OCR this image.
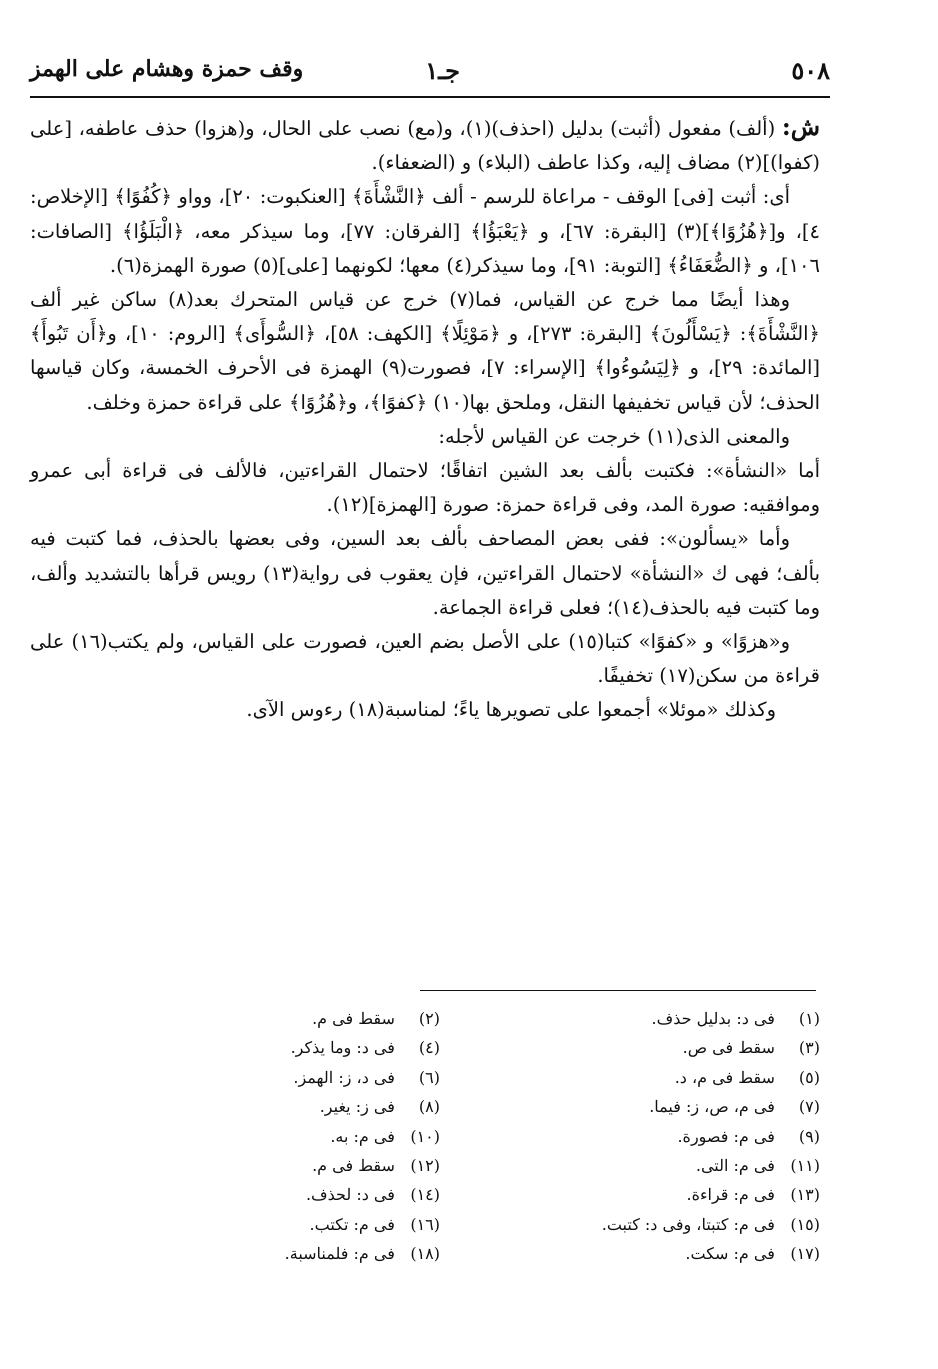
٥٠٨
جـ١
وقف حمزة وهشام على الهمز

ش: (ألف) مفعول (أثبت) بدليل (احذف)(١)، و(مع) نصب على الحال، و(هزوا) حذف عاطفه، [على (كفوا)](٢) مضاف إليه، وكذا عاطف (البلاء) و (الضعفاء).

أى: أثبت [فى] الوقف - مراعاة للرسم - ألف ﴿النَّشْأَةَ﴾ [العنكبوت: ٢٠]، وواو ﴿كُفُوًا﴾ [الإخلاص: ٤]، و[﴿هُزُوًا﴾](٣) [البقرة: ٦٧]، و ﴿يَعْبَؤُا﴾ [الفرقان: ٧٧]، وما سيذكر معه، ﴿الْبَلَؤُا﴾ [الصافات: ١٠٦]، و ﴿الضُّعَفَاءُ﴾ [التوبة: ٩١]، وما سيذكر(٤) معها؛ لكونهما [على](٥) صورة الهمزة(٦).

وهذا أيضًا مما خرج عن القياس، فما(٧) خرج عن قياس المتحرك بعد(٨) ساكن غير ألف ﴿النَّشْأَةَ﴾: ﴿يَسْأَلُونَ﴾ [البقرة: ٢٧٣]، و ﴿مَوْئِلًا﴾ [الكهف: ٥٨]، ﴿السُّوأَى﴾ [الروم: ١٠]، و﴿أَن تَبُوأَ﴾ [المائدة: ٢٩]، و ﴿لِيَسُوءُوا﴾ [الإسراء: ٧]، فصورت(٩) الهمزة فى الأحرف الخمسة، وكان قياسها الحذف؛ لأن قياس تخفيفها النقل، وملحق بها(١٠) ﴿كفوًا﴾، و﴿هُزُوًا﴾ على قراءة حمزة وخلف.

والمعنى الذى(١١) خرجت عن القياس لأجله:

أما «النشأة»: فكتبت بألف بعد الشين اتفاقًا؛ لاحتمال القراءتين، فالألف فى قراءة أبى عمرو وموافقيه: صورة المد، وفى قراءة حمزة: صورة [الهمزة](١٢).

وأما «يسألون»: ففى بعض المصاحف بألف بعد السين، وفى بعضها بالحذف، فما كتبت فيه بألف؛ فهى ك «النشأة» لاحتمال القراءتين، فإن يعقوب فى رواية(١٣) رويس قرأها بالتشديد وألف، وما كتبت فيه بالحذف(١٤)؛ فعلى قراءة الجماعة.

و«هزوًا» و «كفوًا» كتبا(١٥) على الأصل بضم العين، فصورت على القياس، ولم يكتب(١٦) على قراءة من سكن(١٧) تخفيفًا.

وكذلك «موئلا» أجمعوا على تصويرها ياءً؛ لمناسبة(١٨) رءوس الآى.

(١) فى د: بدليل حذف.
(٣) سقط فى ص.
(٥) سقط فى م، د.
(٧) فى م، ص، ز: فيما.
(٩) فى م: فصورة.
(١١) فى م: التى.
(١٣) فى م: قراءة.
(١٥) فى م: كتبتا، وفى د: كتبت.
(١٧) فى م: سكت.
(٢) سقط فى م.
(٤) فى د: وما يذكر.
(٦) فى د، ز: الهمز.
(٨) فى ز: يغير.
(١٠) فى م: به.
(١٢) سقط فى م.
(١٤) فى د: لحذف.
(١٦) فى م: تكتب.
(١٨) فى م: فلمناسبة.
